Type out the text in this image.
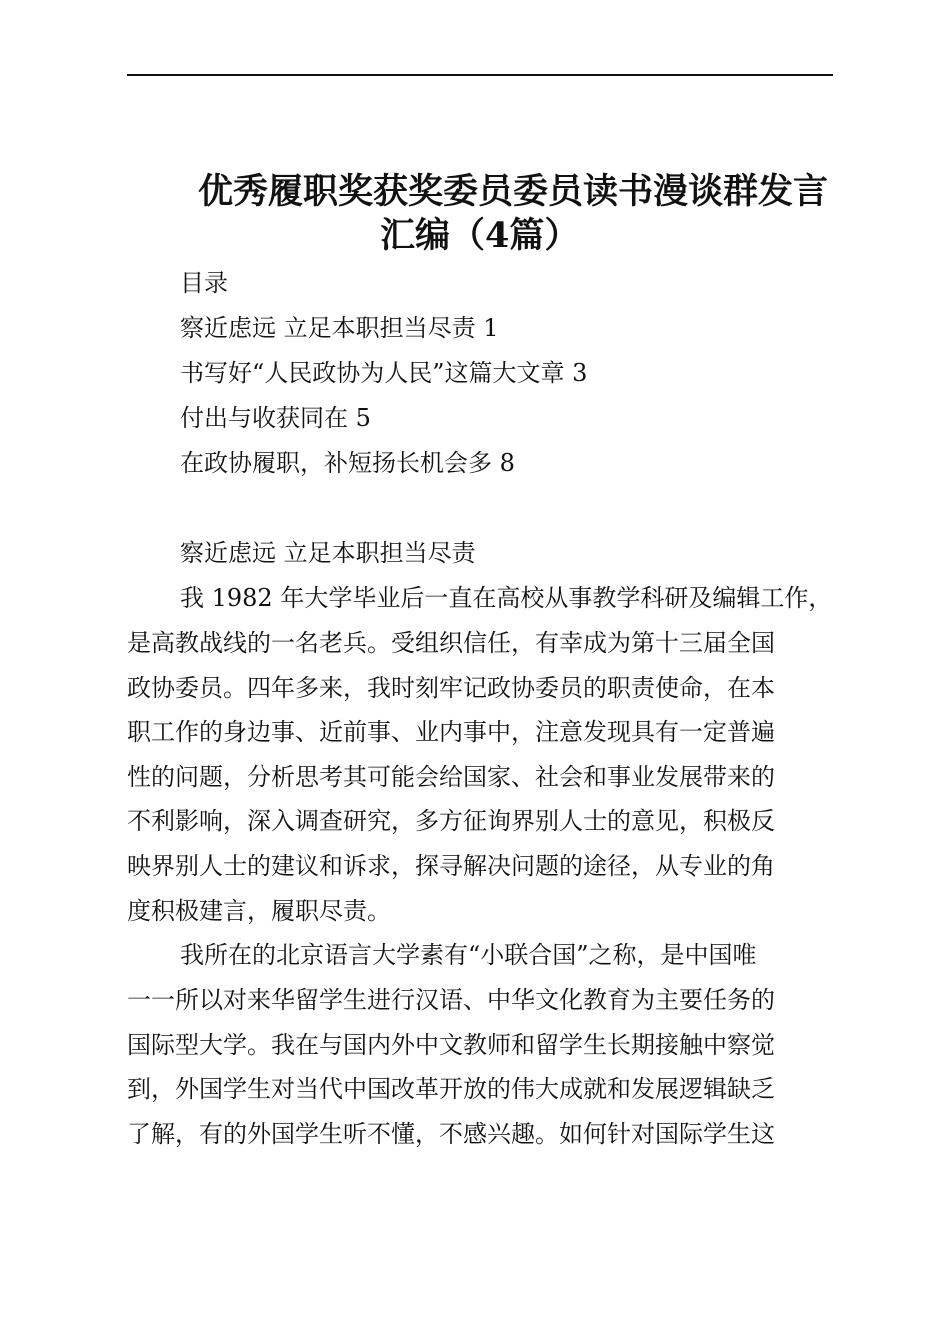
优秀履职奖获奖委员委员读书漫谈群发言
汇编（4篇）
目录
察近虑远 立足本职担当尽责 1
书写好“人民政协为人民”这篇大文章 3
付出与收获同在 5
在政协履职，补短扬长机会多 8
察近虑远 立足本职担当尽责
我 1982 年大学毕业后一直在高校从事教学科研及编辑工作，
是高教战线的一名老兵。受组织信任，有幸成为第十三届全国
政协委员。四年多来，我时刻牢记政协委员的职责使命，在本
职工作的身边事、近前事、业内事中，注意发现具有一定普遍
性的问题，分析思考其可能会给国家、社会和事业发展带来的
不利影响，深入调查研究，多方征询界别人士的意见，积极反
映界别人士的建议和诉求，探寻解决问题的途径，从专业的角
度积极建言，履职尽责。
我所在的北京语言大学素有“小联合国”之称，是中国唯
一一所以对来华留学生进行汉语、中华文化教育为主要任务的
国际型大学。我在与国内外中文教师和留学生长期接触中察觉
到，外国学生对当代中国改革开放的伟大成就和发展逻辑缺乏
了解，有的外国学生听不懂，不感兴趣。如何针对国际学生这
